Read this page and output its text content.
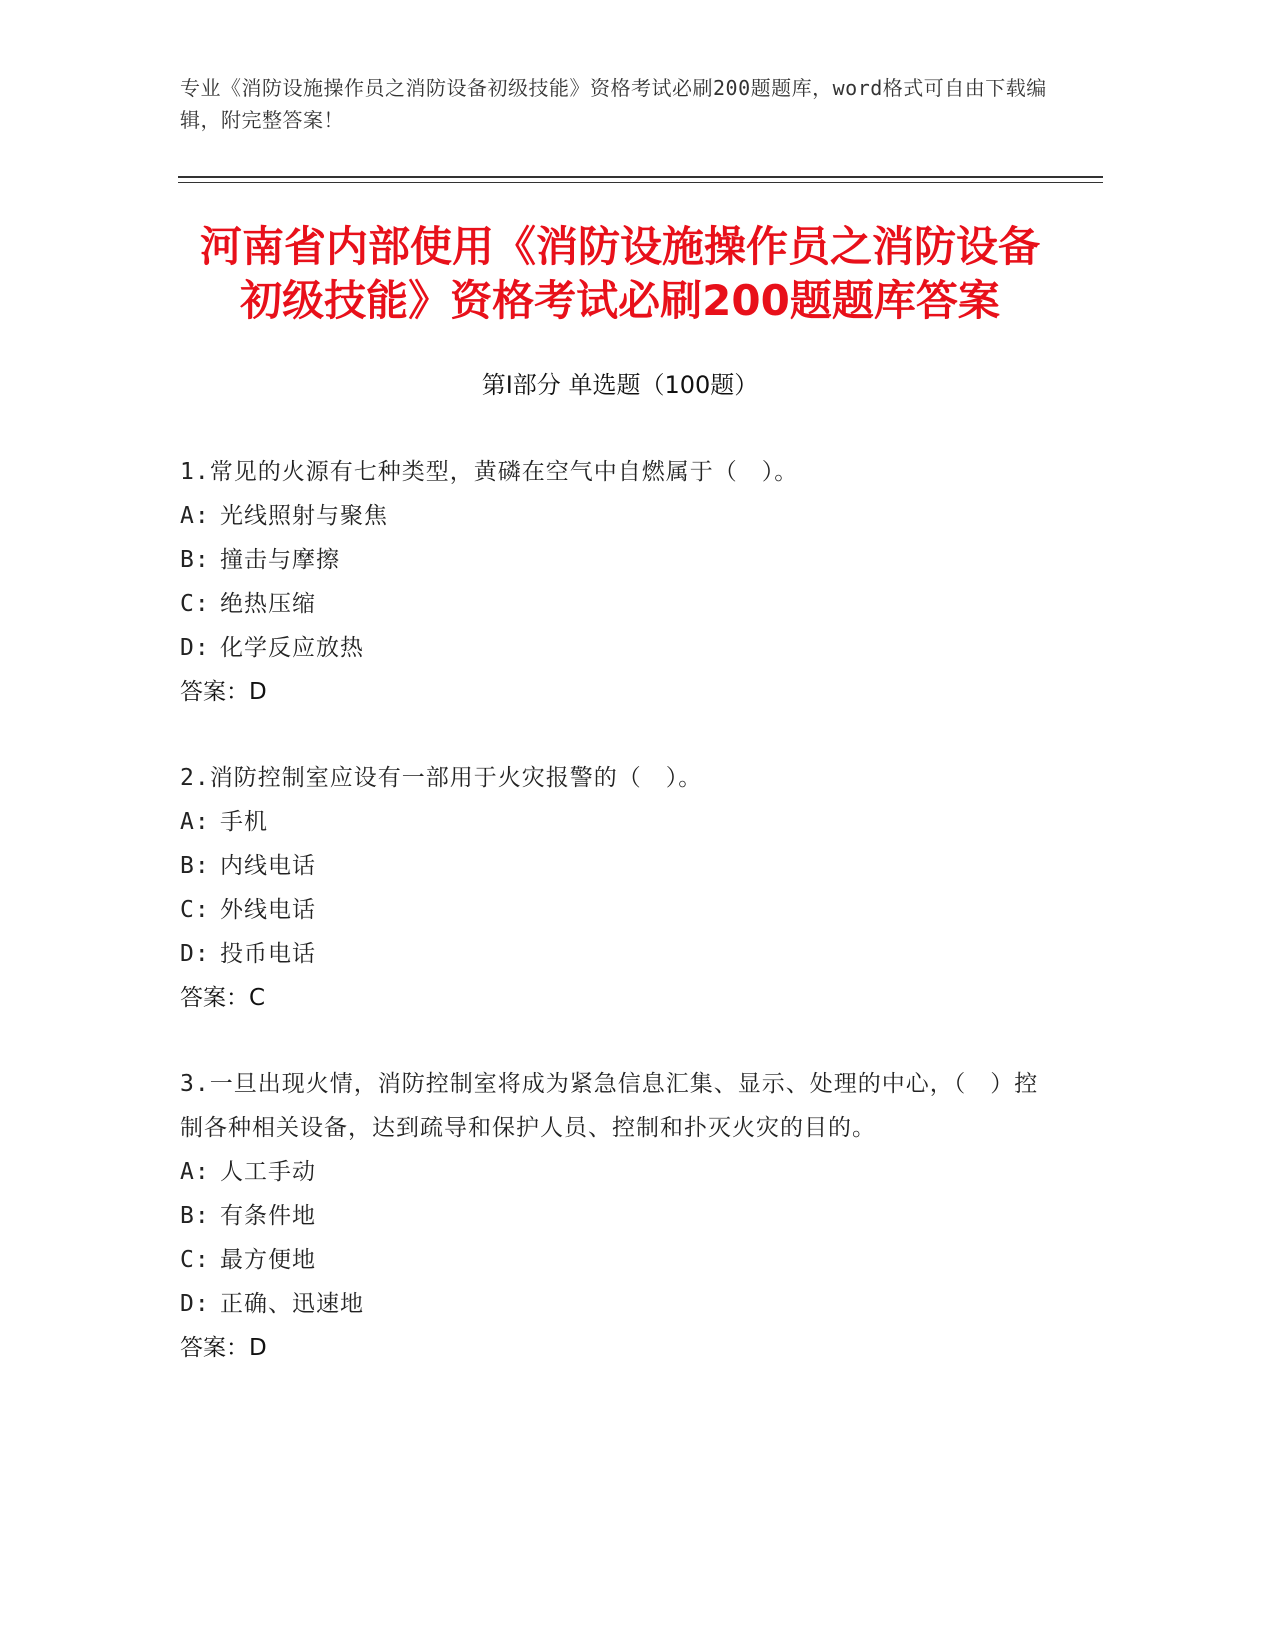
专业《消防设施操作员之消防设备初级技能》资格考试必刷200题题库，word格式可自由下载编辑，附完整答案！
河南省内部使用《消防设施操作员之消防设备初级技能》资格考试必刷200题题库答案
第Ⅰ部分 单选题（100题）
1.常见的火源有七种类型，黄磷在空气中自燃属于（　）。
A: 光线照射与聚焦
B: 撞击与摩擦
C: 绝热压缩
D: 化学反应放热
答案：D
2.消防控制室应设有一部用于火灾报警的（　）。
A: 手机
B: 内线电话
C: 外线电话
D: 投币电话
答案：C
3.一旦出现火情，消防控制室将成为紧急信息汇集、显示、处理的中心，（　）控制各种相关设备，达到疏导和保护人员、控制和扑灭火灾的目的。
A: 人工手动
B: 有条件地
C: 最方便地
D: 正确、迅速地
答案：D
